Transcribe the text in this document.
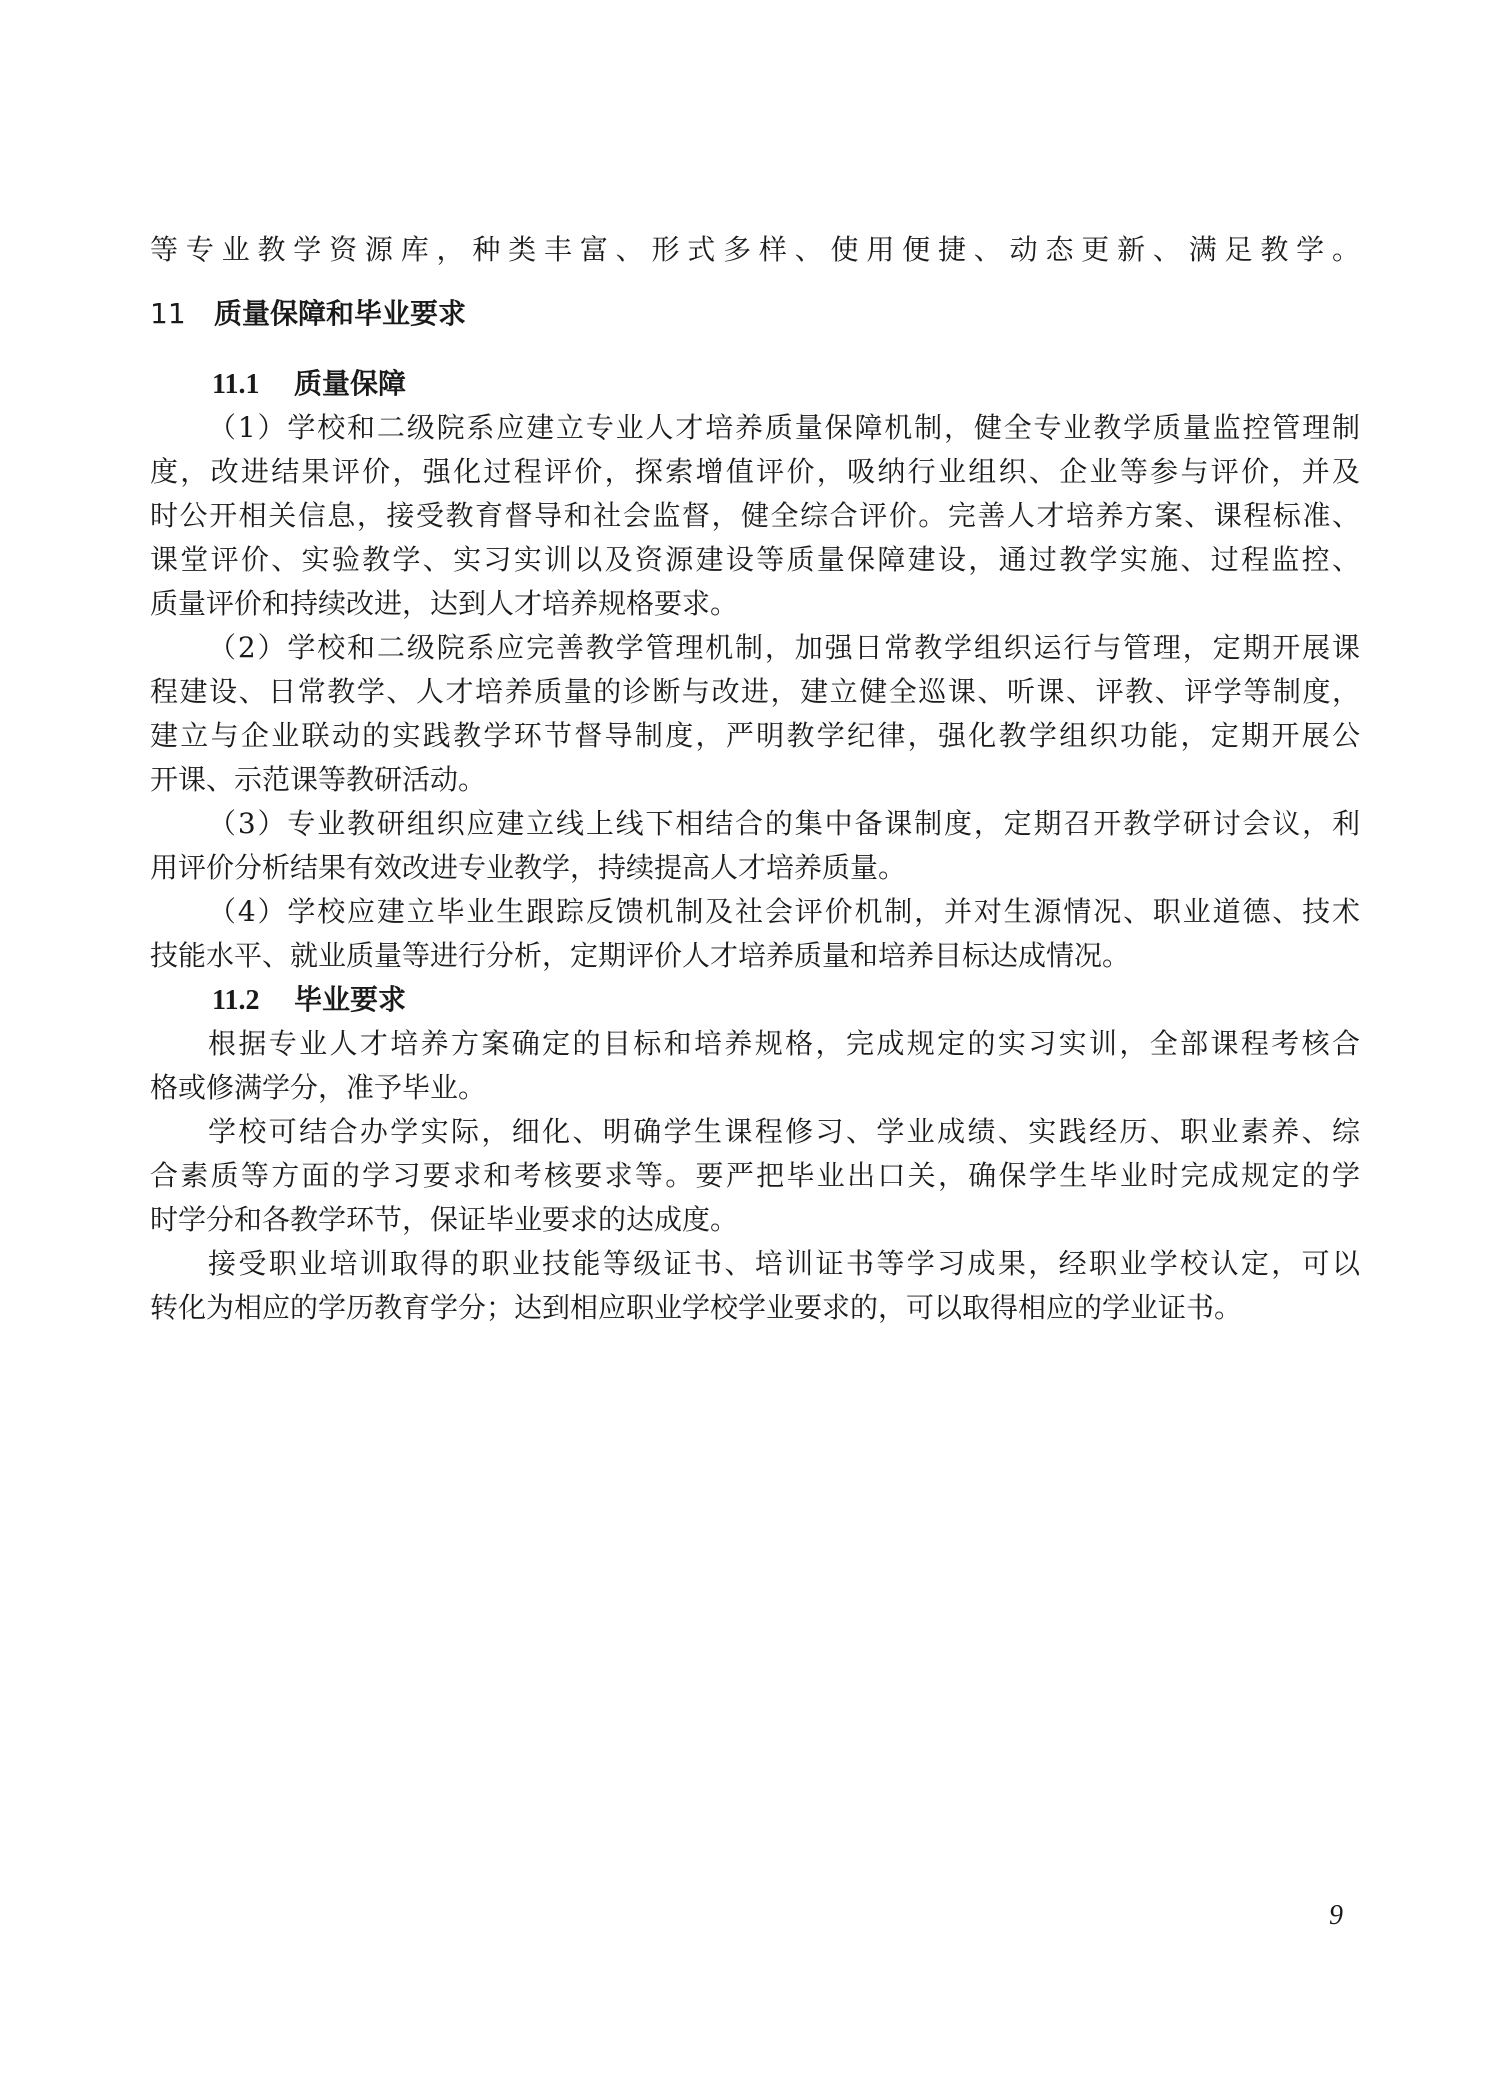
等专业教学资源库，种类丰富、形式多样、使用便捷、动态更新、满足教学。

11 质量保障和毕业要求
11.1 质量保障

（1）学校和二级院系应建立专业人才培养质量保障机制，健全专业教学质量监控管理制

度，改进结果评价，强化过程评价，探索增值评价，吸纳行业组织、企业等参与评价，并及

时公开相关信息，接受教育督导和社会监督，健全综合评价。完善人才培养方案、课程标准、

课堂评价、实验教学、实习实训以及资源建设等质量保障建设，通过教学实施、过程监控、

质量评价和持续改进，达到人才培养规格要求。

（2）学校和二级院系应完善教学管理机制，加强日常教学组织运行与管理，定期开展课

程建设、日常教学、人才培养质量的诊断与改进，建立健全巡课、听课、评教、评学等制度，

建立与企业联动的实践教学环节督导制度，严明教学纪律，强化教学组织功能，定期开展公

开课、示范课等教研活动。

（3）专业教研组织应建立线上线下相结合的集中备课制度，定期召开教学研讨会议，利

用评价分析结果有效改进专业教学，持续提高人才培养质量。

（4）学校应建立毕业生跟踪反馈机制及社会评价机制，并对生源情况、职业道德、技术

技能水平、就业质量等进行分析，定期评价人才培养质量和培养目标达成情况。

11.2 毕业要求

根据专业人才培养方案确定的目标和培养规格，完成规定的实习实训，全部课程考核合

格或修满学分，准予毕业。

学校可结合办学实际，细化、明确学生课程修习、学业成绩、实践经历、职业素养、综

合素质等方面的学习要求和考核要求等。要严把毕业出口关，确保学生毕业时完成规定的学

时学分和各教学环节，保证毕业要求的达成度。

接受职业培训取得的职业技能等级证书、培训证书等学习成果，经职业学校认定，可以

转化为相应的学历教育学分；达到相应职业学校学业要求的，可以取得相应的学业证书。

9
